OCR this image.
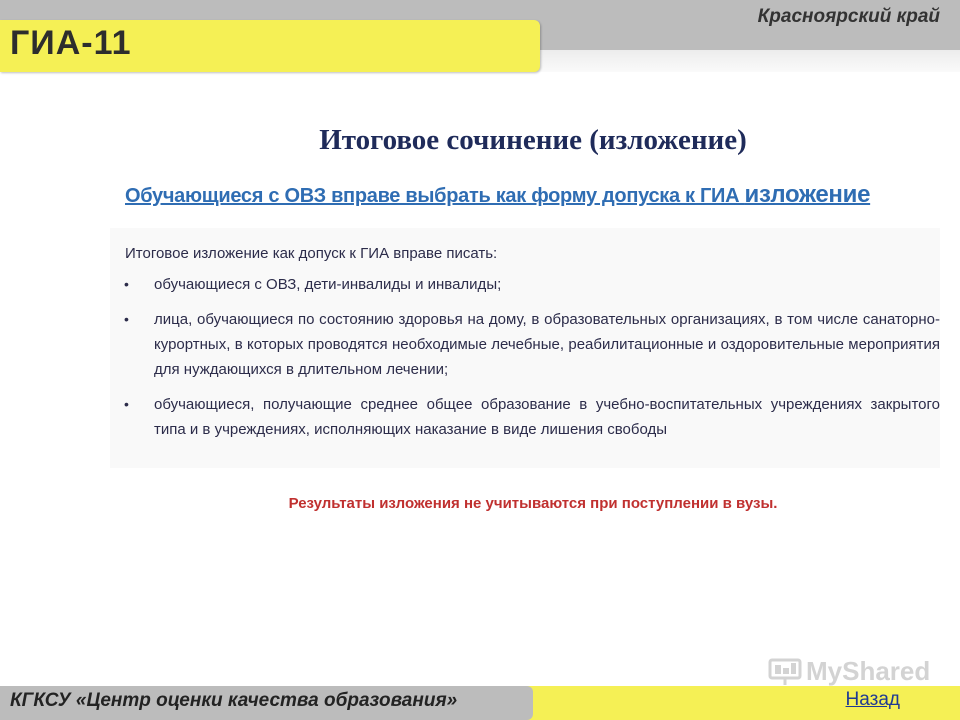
Красноярский край
ГИА-11
Итоговое сочинение (изложение)
Обучающиеся с ОВЗ вправе выбрать как форму допуска к ГИА изложение
Итоговое изложение как допуск к ГИА вправе писать:
• обучающиеся с ОВЗ, дети-инвалиды и инвалиды;
• лица, обучающиеся по состоянию здоровья на дому, в образовательных организациях, в том числе санаторно-курортных, в которых проводятся необходимые лечебные, реабилитационные и оздоровительные мероприятия для нуждающихся в длительном лечении;
• обучающиеся, получающие среднее общее образование в учебно-воспитательных учреждениях закрытого типа и в учреждениях, исполняющих наказание в виде лишения свободы
Результаты изложения не учитываются при поступлении в вузы.
MyShared
КГКСУ «Центр оценки качества образования»	Назад
